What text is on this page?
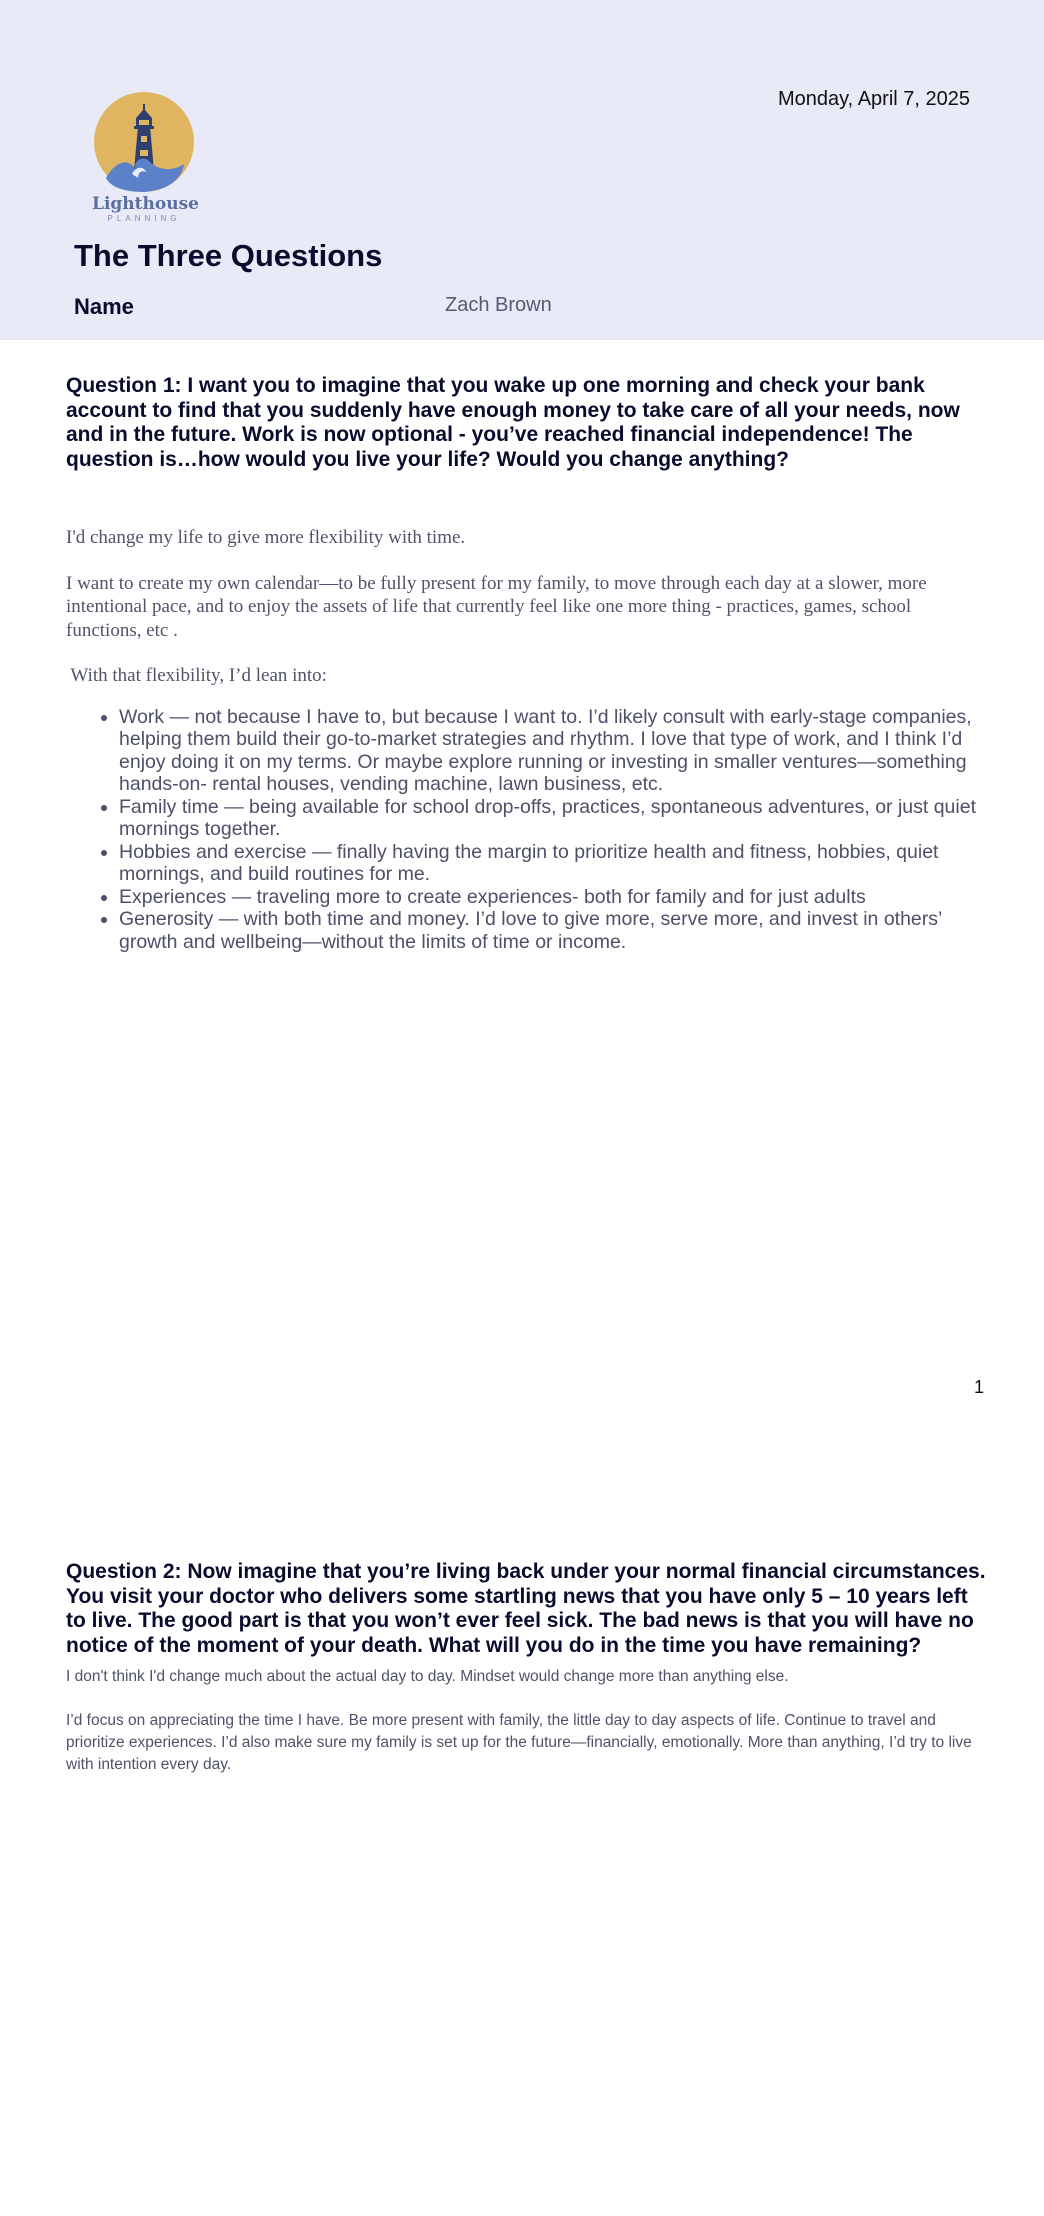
Monday, April 7, 2025
Lighthouse
PLANNING
The Three Questions
Name	Zach Brown
Question 1: I want you to imagine that you wake up one morning and check your bank account to find that you suddenly have enough money to take care of all your needs, now and in the future. Work is now optional - you’ve reached financial independence! The question is…how would you live your life? Would you change anything?

I'd change my life to give more flexibility with time.

I want to create my own calendar—to be fully present for my family, to move through each day at a slower, more intentional pace, and to enjoy the assets of life that currently feel like one more thing - practices, games, school functions, etc .

With that flexibility, I’d lean into:

• Work — not because I have to, but because I want to. I’d likely consult with early-stage companies, helping them build their go-to-market strategies and rhythm. I love that type of work, and I think I’d enjoy doing it on my terms. Or maybe explore running or investing in smaller ventures—something hands-on- rental houses, vending machine, lawn business, etc.
• Family time — being available for school drop-offs, practices, spontaneous adventures, or just quiet mornings together.
• Hobbies and exercise — finally having the margin to prioritize health and fitness, hobbies, quiet mornings, and build routines for me.
• Experiences — traveling more to create experiences- both for family and for just adults
• Generosity — with both time and money. I’d love to give more, serve more, and invest in others’ growth and wellbeing—without the limits of time or income.
1
Question 2: Now imagine that you’re living back under your normal financial circumstances. You visit your doctor who delivers some startling news that you have only 5 – 10 years left to live. The good part is that you won’t ever feel sick. The bad news is that you will have no notice of the moment of your death. What will you do in the time you have remaining?

I don't think I'd change much about the actual day to day. Mindset would change more than anything else.

I’d focus on appreciating the time I have. Be more present with family, the little day to day aspects of life. Continue to travel and prioritize experiences. I’d also make sure my family is set up for the future—financially, emotionally. More than anything, I’d try to live with intention every day.
